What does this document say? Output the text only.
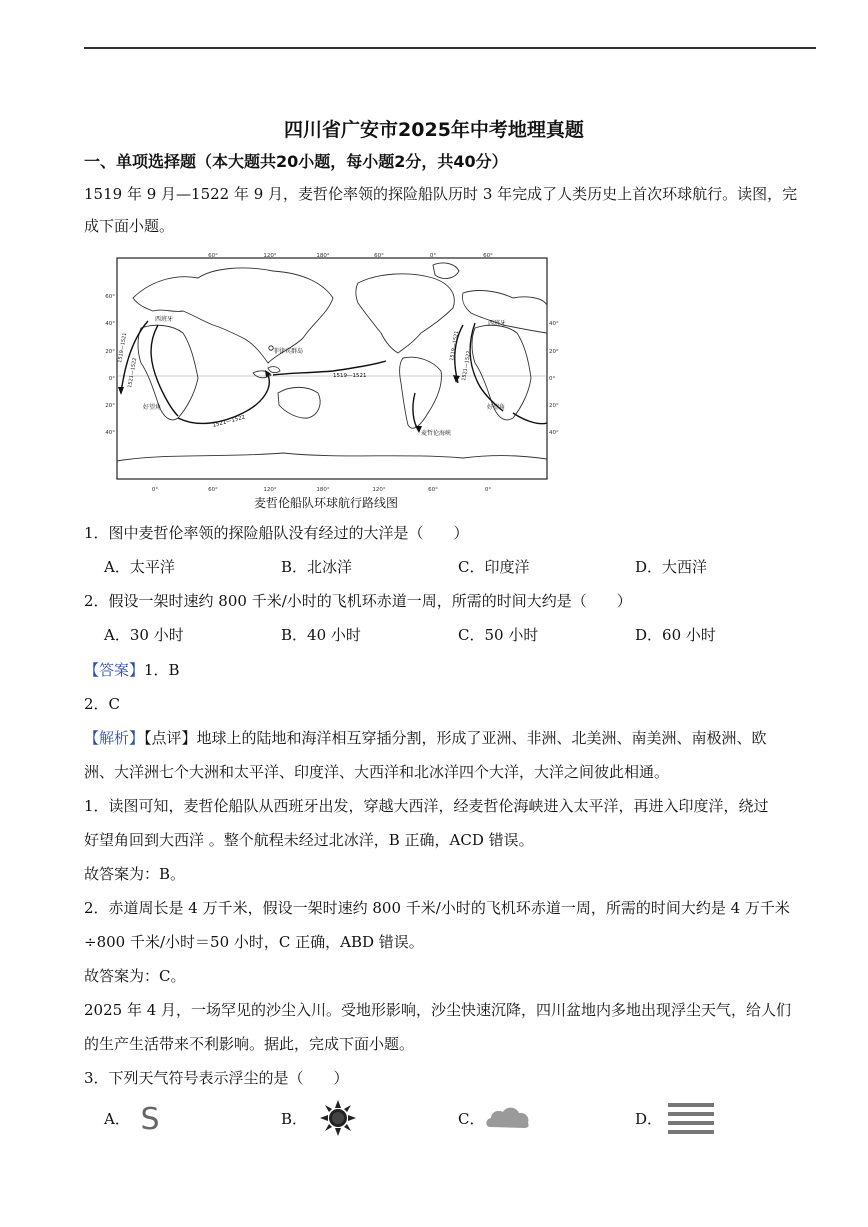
四川省广安市2025年中考地理真题
一、单项选择题（本大题共20小题，每小题2分，共40分）
1519 年 9 月—1522 年 9 月，麦哲伦率领的探险船队历时 3 年完成了人类历史上首次环球航行。读图，完
成下面小题。
60°	120°	180°	60°	0°	60°
0°	60°	120°	180°	120°	60°	0°
60°
40°
20°
0°
20°
40°
40°
20°
0°
20°
40°
西班牙
好望角
菲律宾群岛
麦哲伦海峡
西班牙
好望角
1519—1521
1521—1522
1519—1521
1521—1522
1519—1521
1521—1522
麦哲伦船队环球航行路线图
1．图中麦哲伦率领的探险船队没有经过的大洋是（　　）
A．太平洋	B．北冰洋	C．印度洋	D．大西洋
2．假设一架时速约 800 千米/小时的飞机环赤道一周，所需的时间大约是（　　）
A．30 小时	B．40 小时	C．50 小时	D．60 小时
【答案】1．B
2．C
【解析】【点评】地球上的陆地和海洋相互穿插分割，形成了亚洲、非洲、北美洲、南美洲、南极洲、欧
洲、大洋洲七个大洲和太平洋、印度洋、大西洋和北冰洋四个大洋，大洋之间彼此相通。
1．读图可知，麦哲伦船队从西班牙出发，穿越大西洋，经麦哲伦海峡进入太平洋，再进入印度洋，绕过
好望角回到大西洋 。整个航程未经过北冰洋，B 正确，ACD 错误。
故答案为：B。
2．赤道周长是 4 万千米，假设一架时速约 800 千米/小时的飞机环赤道一周，所需的时间大约是 4 万千米
÷800 千米/小时＝50 小时，C 正确，ABD 错误。
故答案为：C。
2025 年 4 月，一场罕见的沙尘入川。受地形影响，沙尘快速沉降，四川盆地内多地出现浮尘天气，给人们
的生产生活带来不利影响。据此，完成下面小题。
3．下列天气符号表示浮尘的是（　　）
A． S	B．	C．	D．
